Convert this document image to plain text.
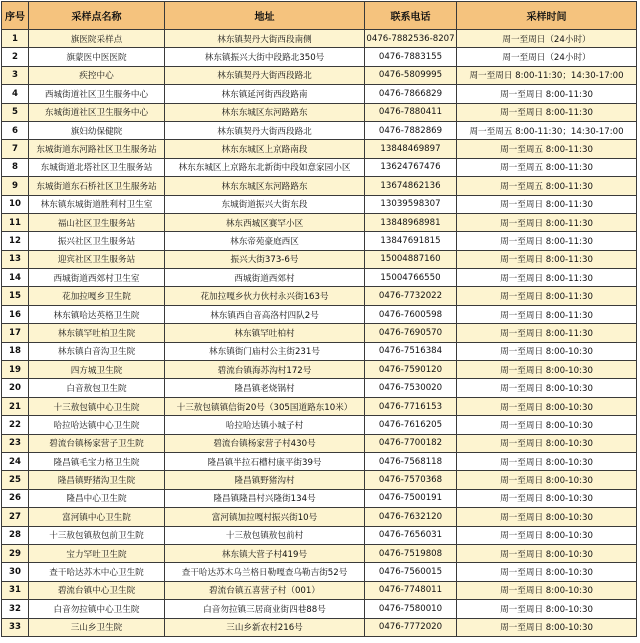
序号	采样点名称	地址	联系电话	采样时间
1	旗医院采样点	林东镇契丹大街西段南侧	0476-7882536-8207	周一至周日（24小时）
2	旗蒙医中医医院	林东镇振兴大街中段路北350号	0476-7883155	周一至周日（24小时）
3	疾控中心	林东镇契丹大街西段路北	0476-5809995	周一至周日 8:00-11:30；14:30-17:00
4	西城街道社区卫生服务中心	林东镇延河街西段路南	0476-7866829	周一至周日 8:00-11:30
5	东城街道社区卫生服务中心	林东东城区东河路路东	0476-7880411	周一至周日 8:00-11:30
6	旗妇幼保健院	林东镇契丹大街西段路北	0476-7882869	周一至周五 8:00-11:30；14:30-17:00
7	东城街道东河路社区卫生服务站	林东东城区上京路南段	13848469897	周一至周五 8:00-11:30
8	东城街道北塔社区卫生服务站	林东东城区上京路东北新街中段如意家园小区	13624767476	周一至周五 8:00-11:30
9	东城街道东石桥社区卫生服务站	林东东城区东河路路东	13674862136	周一至周五 8:00-11:30
10	林东镇东城街道胜利村卫生室	东城街道振兴大街东段	13039598307	周一至周日 8:00-11:30
11	福山社区卫生服务站	林东西城区赛罕小区	13848968981	周一至周日 8:00-11:30
12	振兴社区卫生服务站	林东帝苑豪庭西区	13847691815	周一至周日 8:00-11:30
13	迎宾社区卫生服务站	振兴大街373-6号	15004887160	周一至周日 8:00-11:30
14	西城街道西郊村卫生室	西城街道西郊村	15004766550	周一至周日 8:00-11:30
15	花加拉嘎乡卫生院	花加拉嘎乡伙力伙村永兴街163号	0476-7732022	周一至周日 8:00-11:30
16	林东镇哈达英格卫生院	林东镇西自音高洛村四队2号	0476-7600598	周一至周日 8:00-11:30
17	林东镇罕吐柏卫生院	林东镇罕吐柏村	0476-7690570	周一至周日 8:00-11:30
18	林东镇白音沟卫生院	林东镇街门庙村公主街231号	0476-7516384	周一至周日 8:00-10:30
19	四方城卫生院	碧流台镇海苏沟村172号	0476-7590120	周一至周日 8:00-10:30
20	白音敖包卫生院	隆昌镇老烧锅村	0476-7530020	周一至周日 8:00-10:30
21	十三敖包镇中心卫生院	十三敖包镇镇信街20号（305国道路东10米）	0476-7716153	周一至周日 8:00-10:30
22	哈拉哈达镇中心卫生院	哈拉哈达镇小城子村	0476-7616205	周一至周日 8:00-10:30
23	碧流台镇杨家营子卫生院	碧流台镇杨家营子村430号	0476-7700182	周一至周日 8:00-10:30
24	隆昌镇毛宝力格卫生院	隆昌镇半拉石槽村康平街39号	0476-7568118	周一至周日 8:00-10:30
25	隆昌镇野猪沟卫生院	隆昌镇野猪沟村	0476-7570368	周一至周日 8:00-10:30
26	隆昌中心卫生院	隆昌镇隆昌村兴隆街134号	0476-7500191	周一至周日 8:00-10:30
27	富河镇中心卫生院	富河镇加拉嘎村振兴街10号	0476-7632120	周一至周日 8:00-10:30
28	十三敖包镇敖包前卫生院	十三敖包镇敖包前村	0476-7656031	周一至周日 8:00-10:30
29	宝力罕吐卫生院	林东镇大营子村419号	0476-7519808	周一至周日 8:00-10:30
30	查干哈达苏木中心卫生院	查干哈达苏木乌兰格日勒嘎查乌勒吉街52号	0476-7560015	周一至周日 8:00-10:30
31	碧流台镇中心卫生院	碧流台镇五喜营子村（001）	0476-7748011	周一至周日 8:00-10:30
32	白音勿拉镇中心卫生院	白音勿拉镇三居商业街四巷88号	0476-7580010	周一至周日 8:00-10:30
33	三山乡卫生院	三山乡新农村216号	0476-7772020	周一至周日 8:00-10:30
